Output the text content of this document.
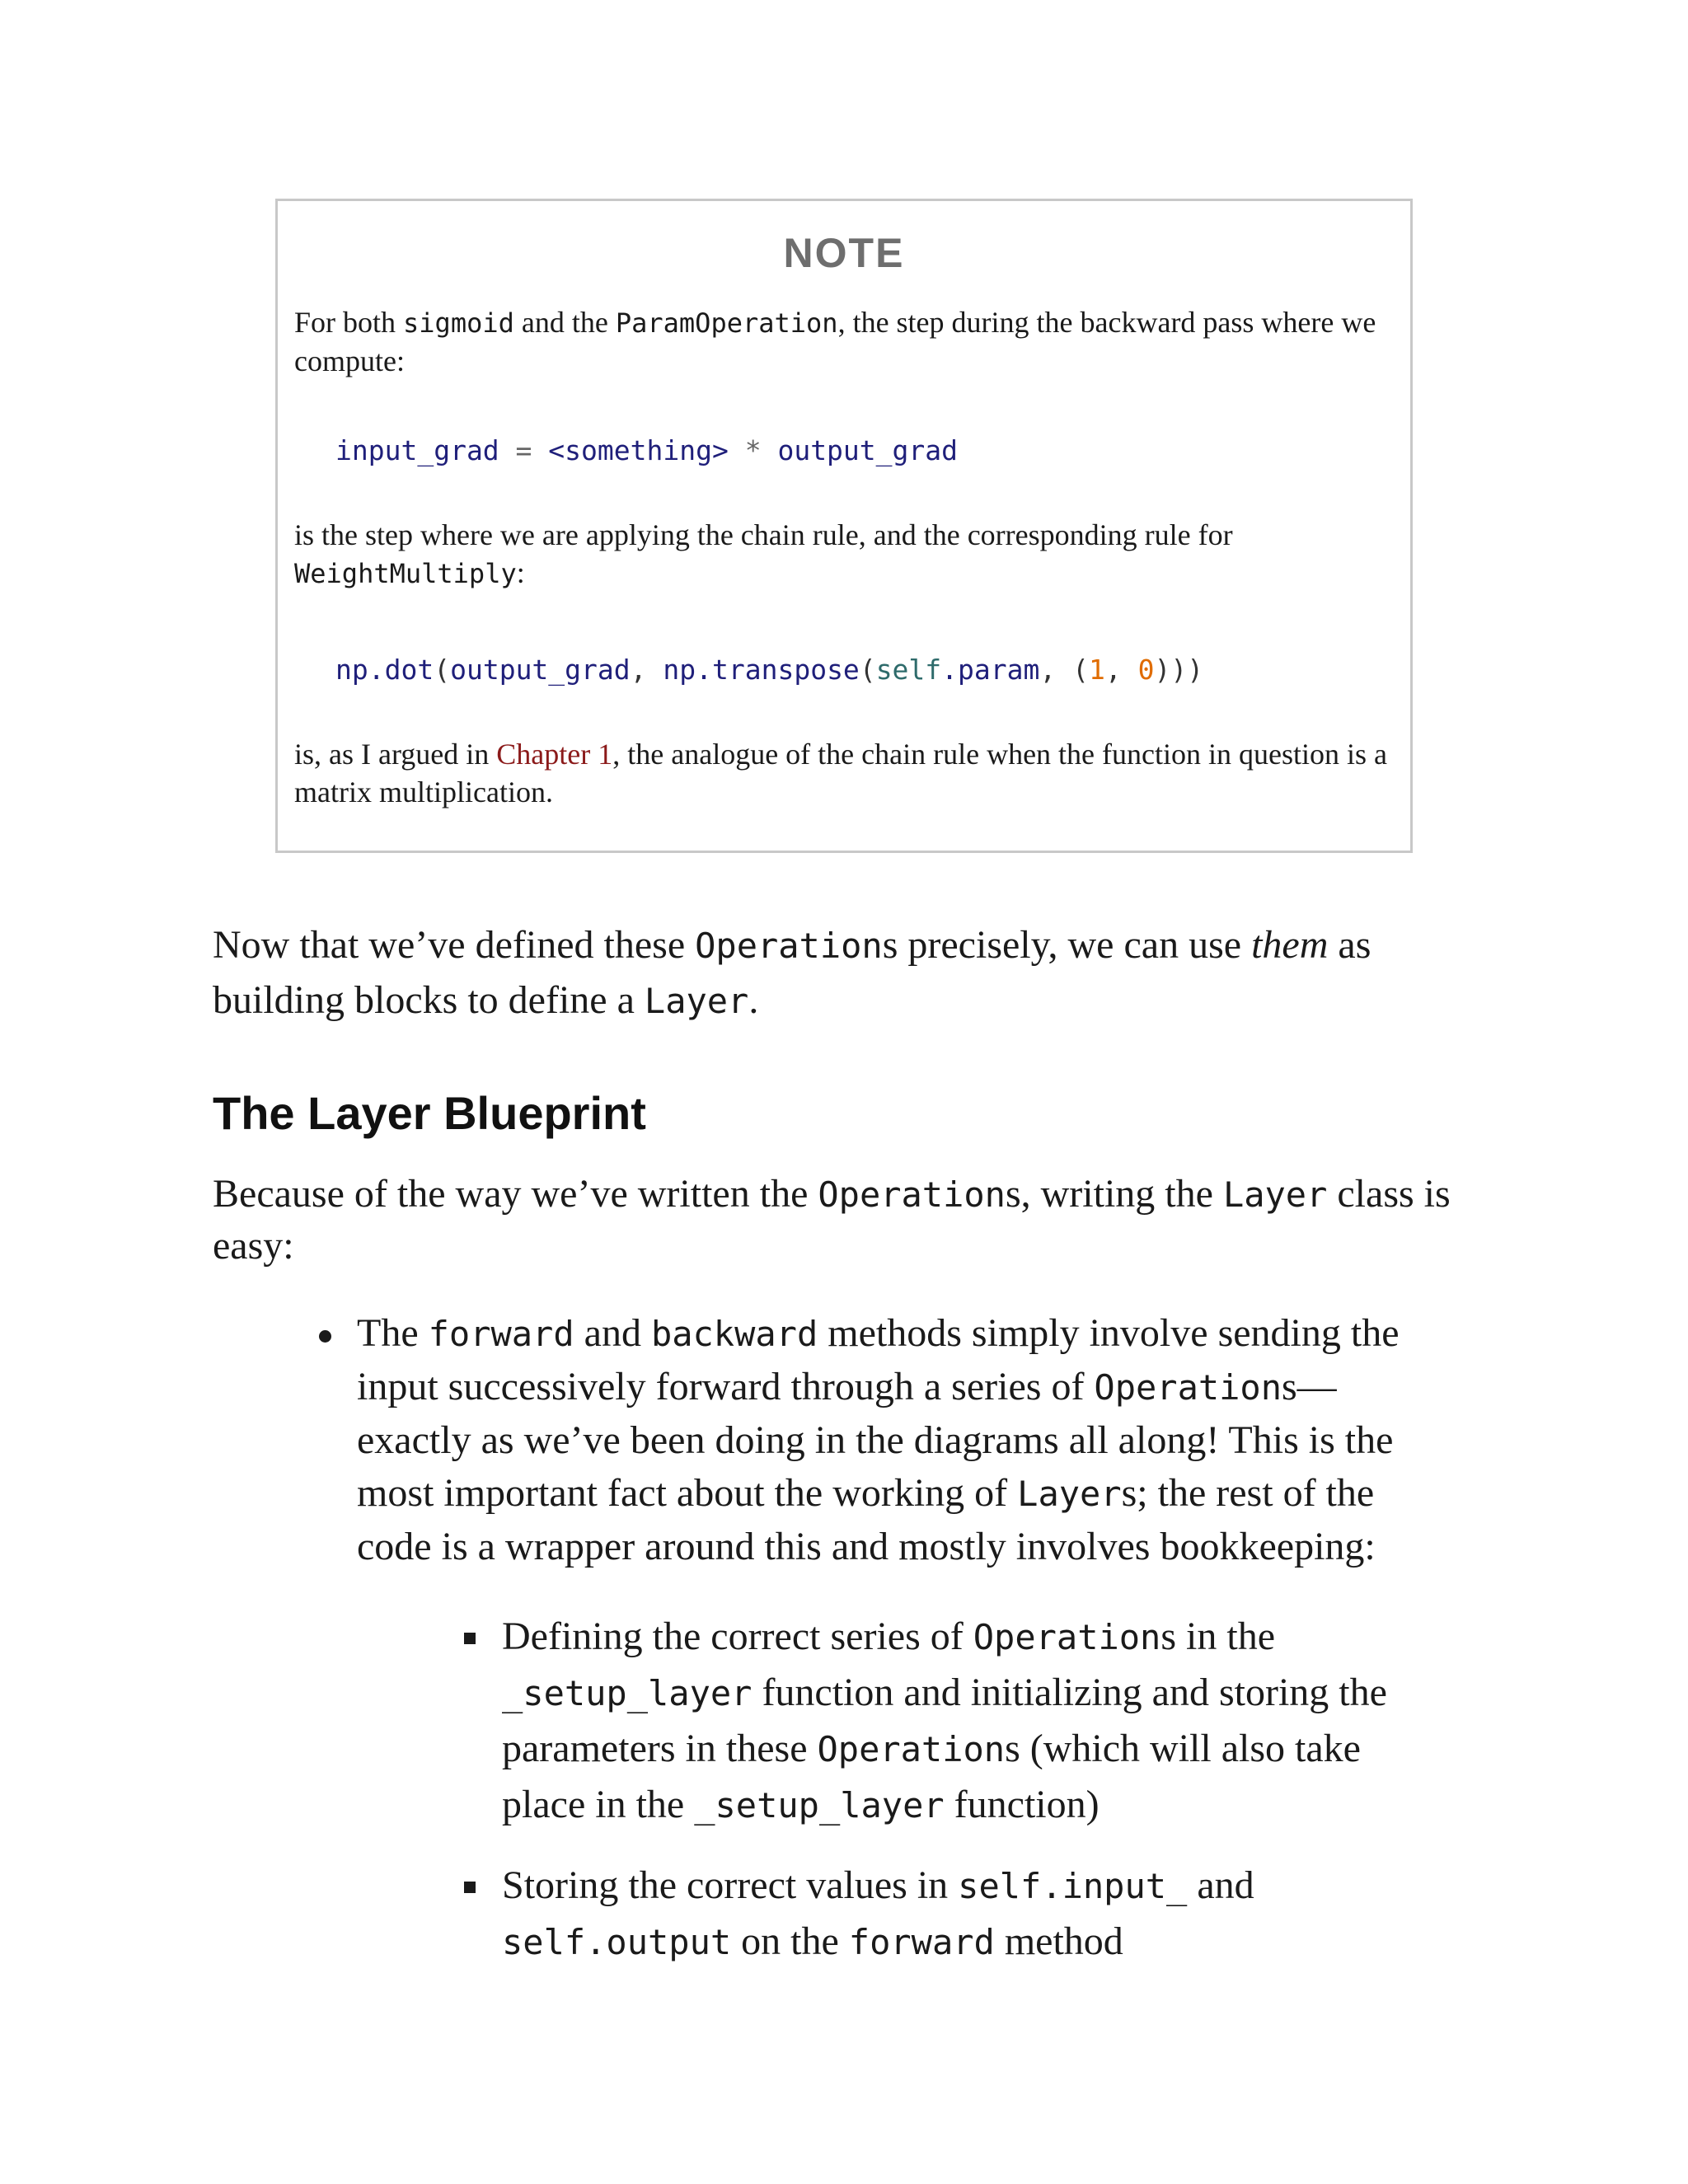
NOTE

For both sigmoid and the ParamOperation, the step during the backward pass where we compute:

input_grad = <something> * output_grad

is the step where we are applying the chain rule, and the corresponding rule for WeightMultiply:

np.dot(output_grad, np.transpose(self.param, (1, 0)))

is, as I argued in Chapter 1, the analogue of the chain rule when the function in question is a matrix multiplication.

Now that we’ve defined these Operations precisely, we can use them as building blocks to define a Layer.

The Layer Blueprint

Because of the way we’ve written the Operations, writing the Layer class is easy:

The forward and backward methods simply involve sending the input successively forward through a series of Operations— exactly as we’ve been doing in the diagrams all along! This is the most important fact about the working of Layers; the rest of the code is a wrapper around this and mostly involves bookkeeping:

Defining the correct series of Operations in the _setup_layer function and initializing and storing the parameters in these Operations (which will also take place in the _setup_layer function)

Storing the correct values in self.input_ and self.output on the forward method
